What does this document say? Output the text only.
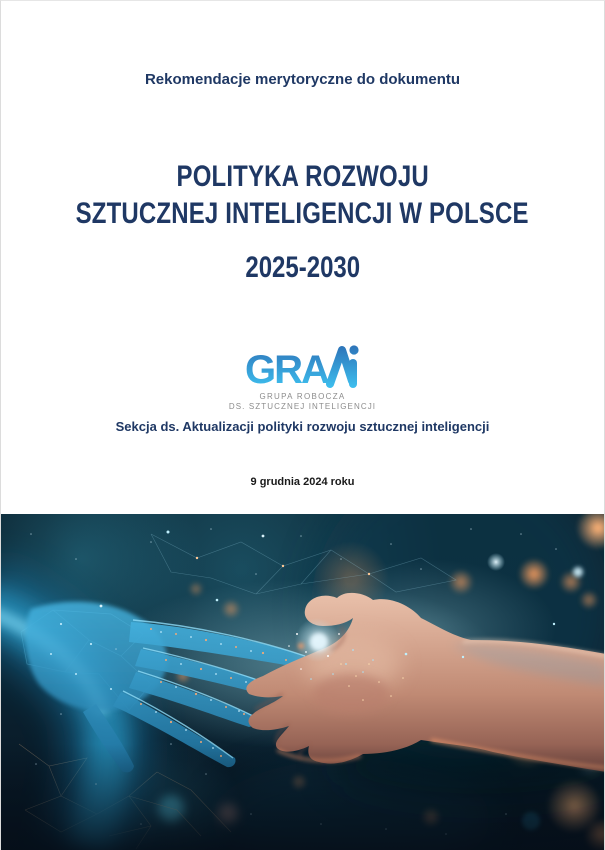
Rekomendacje merytoryczne do dokumentu
POLITYKA ROZWOJU
SZTUCZNEJ INTELIGENCJI W POLSCE
2025-2030
GRA
GRUPA ROBOCZA
DS. SZTUCZNEJ INTELIGENCJI
Sekcja ds. Aktualizacji polityki rozwoju sztucznej inteligencji
9 grudnia 2024 roku
